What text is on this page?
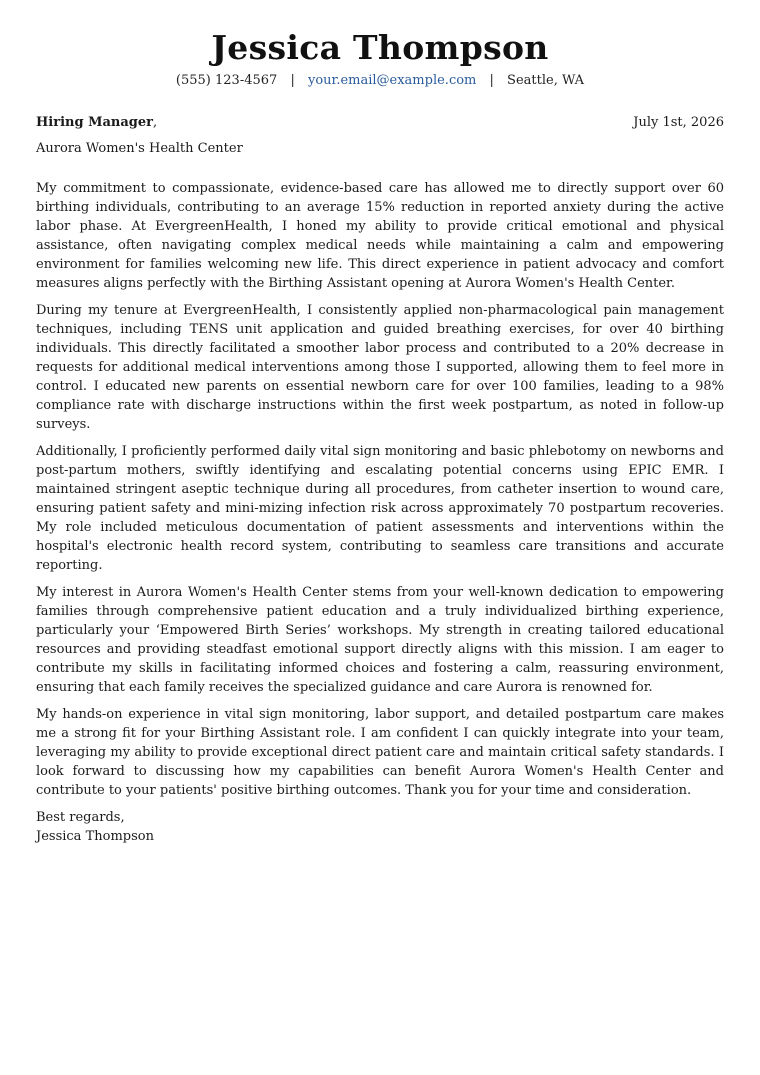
Jessica Thompson
(555) 123-4567 | your.email@example.com | Seattle, WA
Hiring Manager,	July 1st, 2026
Aurora Women's Health Center

My commitment to compassionate, evidence-based care has allowed me to directly support over 60 birthing individuals, contributing to an average 15% reduction in reported anxiety during the active labor phase. At EvergreenHealth, I honed my ability to provide critical emotional and physical assistance, often navigating complex medical needs while maintaining a calm and empowering environment for families welcoming new life. This direct experience in patient advocacy and comfort measures aligns perfectly with the Birthing Assistant opening at Aurora Women's Health Center.

During my tenure at EvergreenHealth, I consistently applied non-pharmacological pain management techniques, including TENS unit application and guided breathing exercises, for over 40 birthing individuals. This directly facilitated a smoother labor process and contributed to a 20% decrease in requests for additional medical interventions among those I supported, allowing them to feel more in control. I educated new parents on essential newborn care for over 100 families, leading to a 98% compliance rate with discharge instructions within the first week postpartum, as noted in follow-up surveys.

Additionally, I proficiently performed daily vital sign monitoring and basic phlebotomy on newborns and post-partum mothers, swiftly identifying and escalating potential concerns using EPIC EMR. I maintained stringent aseptic technique during all procedures, from catheter insertion to wound care, ensuring patient safety and mini-mizing infection risk across approximately 70 postpartum recoveries. My role included meticulous documentation of patient assessments and interventions within the hospital's electronic health record system, contributing to seamless care transitions and accurate reporting.

My interest in Aurora Women's Health Center stems from your well-known dedication to empowering families through comprehensive patient education and a truly individualized birthing experience, particularly your ‘Empowered Birth Series’ workshops. My strength in creating tailored educational resources and providing steadfast emotional support directly aligns with this mission. I am eager to contribute my skills in facilitating informed choices and fostering a calm, reassuring environment, ensuring that each family receives the specialized guidance and care Aurora is renowned for.

My hands-on experience in vital sign monitoring, labor support, and detailed postpartum care makes me a strong fit for your Birthing Assistant role. I am confident I can quickly integrate into your team, leveraging my ability to provide exceptional direct patient care and maintain critical safety standards. I look forward to discussing how my capabilities can benefit Aurora Women's Health Center and contribute to your patients' positive birthing outcomes. Thank you for your time and consideration.

Best regards,
Jessica Thompson
